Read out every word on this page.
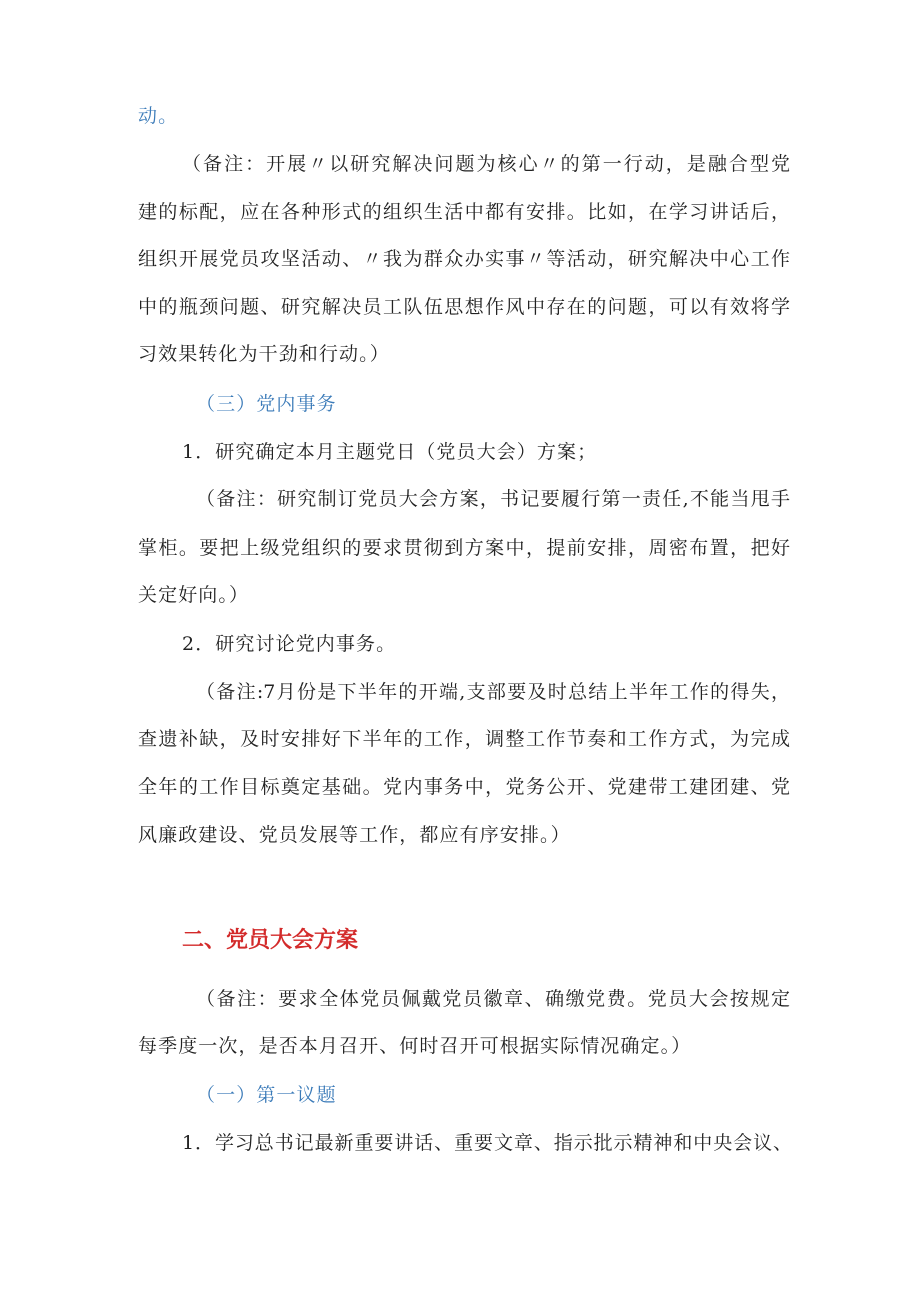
动。
（备注：开展〃以研究解决问题为核心〃的第一行动，是融合型党
建的标配，应在各种形式的组织生活中都有安排。比如，在学习讲话后，
组织开展党员攻坚活动、〃我为群众办实事〃等活动，研究解决中心工作
中的瓶颈问题、研究解决员工队伍思想作风中存在的问题，可以有效将学
习效果转化为干劲和行动。）
（三）党内事务
1．研究确定本月主题党日（党员大会）方案；
（备注：研究制订党员大会方案，书记要履行第一责任,不能当甩手
掌柜。要把上级党组织的要求贯彻到方案中，提前安排，周密布置，把好
关定好向。）
2．研究讨论党内事务。
（备注:7月份是下半年的开端,支部要及时总结上半年工作的得失，
查遗补缺，及时安排好下半年的工作，调整工作节奏和工作方式，为完成
全年的工作目标奠定基础。党内事务中，党务公开、党建带工建团建、党
风廉政建设、党员发展等工作，都应有序安排。）
二、党员大会方案
（备注：要求全体党员佩戴党员徽章、确缴党费。党员大会按规定
每季度一次，是否本月召开、何时召开可根据实际情况确定。）
（一）第一议题
1．学习总书记最新重要讲话、重要文章、指示批示精神和中央会议、
